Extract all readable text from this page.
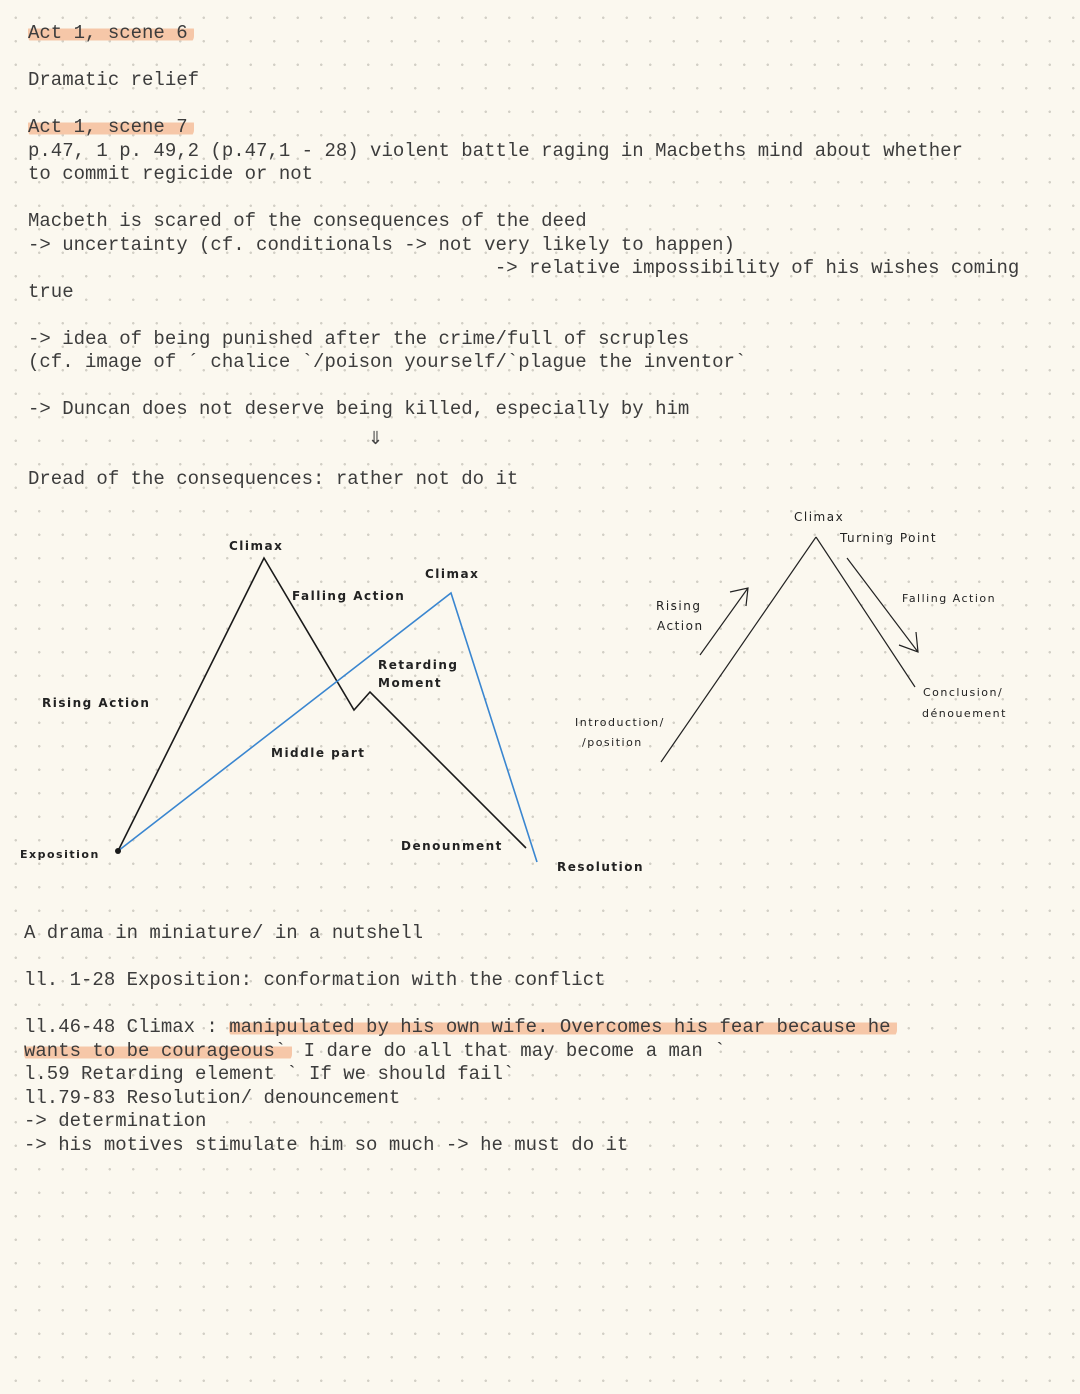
Act 1, scene 6
Dramatic relief
Act 1, scene 7
p.47, 1 p. 49,2 (p.47,1 - 28) violent battle raging in Macbeths mind about whether
to commit regicide or not
Macbeth is scared of the consequences of the deed
-> uncertainty (cf. conditionals -> not very likely to happen)
-> relative impossibility of his wishes coming
true
-> idea of being punished after the crime/full of scruples
(cf. image of ´ chalice `/poison yourself/`plague the inventor`
-> Duncan does not deserve being killed, especially by him
⇓
Dread of the consequences: rather not do it
Climax
Climax
Falling Action
Retarding
Moment
Rising Action
Middle part
Exposition
Denounment
Resolution
Climax
Turning Point
Rising
Action
Falling Action
Conclusion/
dénouement
Introduction/
/position
A drama in miniature/ in a nutshell
ll. 1-28 Exposition: conformation with the conflict
ll.46-48 Climax : manipulated by his own wife. Overcomes his fear because he
wants to be courageous` I dare do all that may become a man `
l.59 Retarding element ` If we should fail`
ll.79-83 Resolution/ denouncement
-> determination
-> his motives stimulate him so much -> he must do it
